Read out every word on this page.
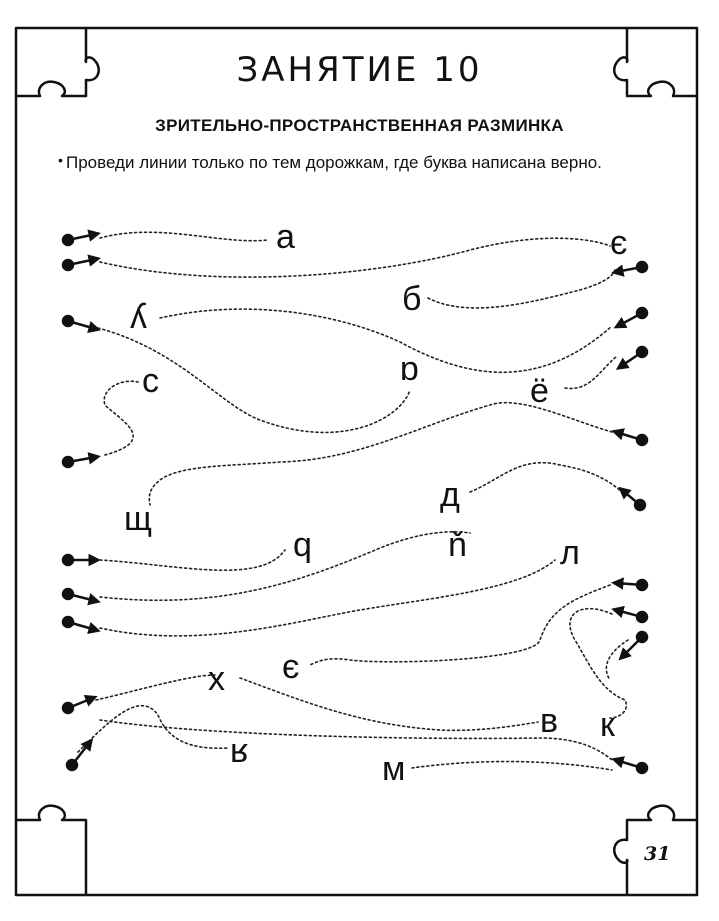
ЗАНЯТИЕ 10
ЗРИТЕЛЬНО-ПРОСТРАНСТВЕННАЯ РАЗМИНКА
• Проведи линии только по тем дорожкам, где буква написана верно.
а	є
б
ʎ
ɒ
ё
с
д
щ
q	ň	л
є
х
в к
ʁ	м
31
